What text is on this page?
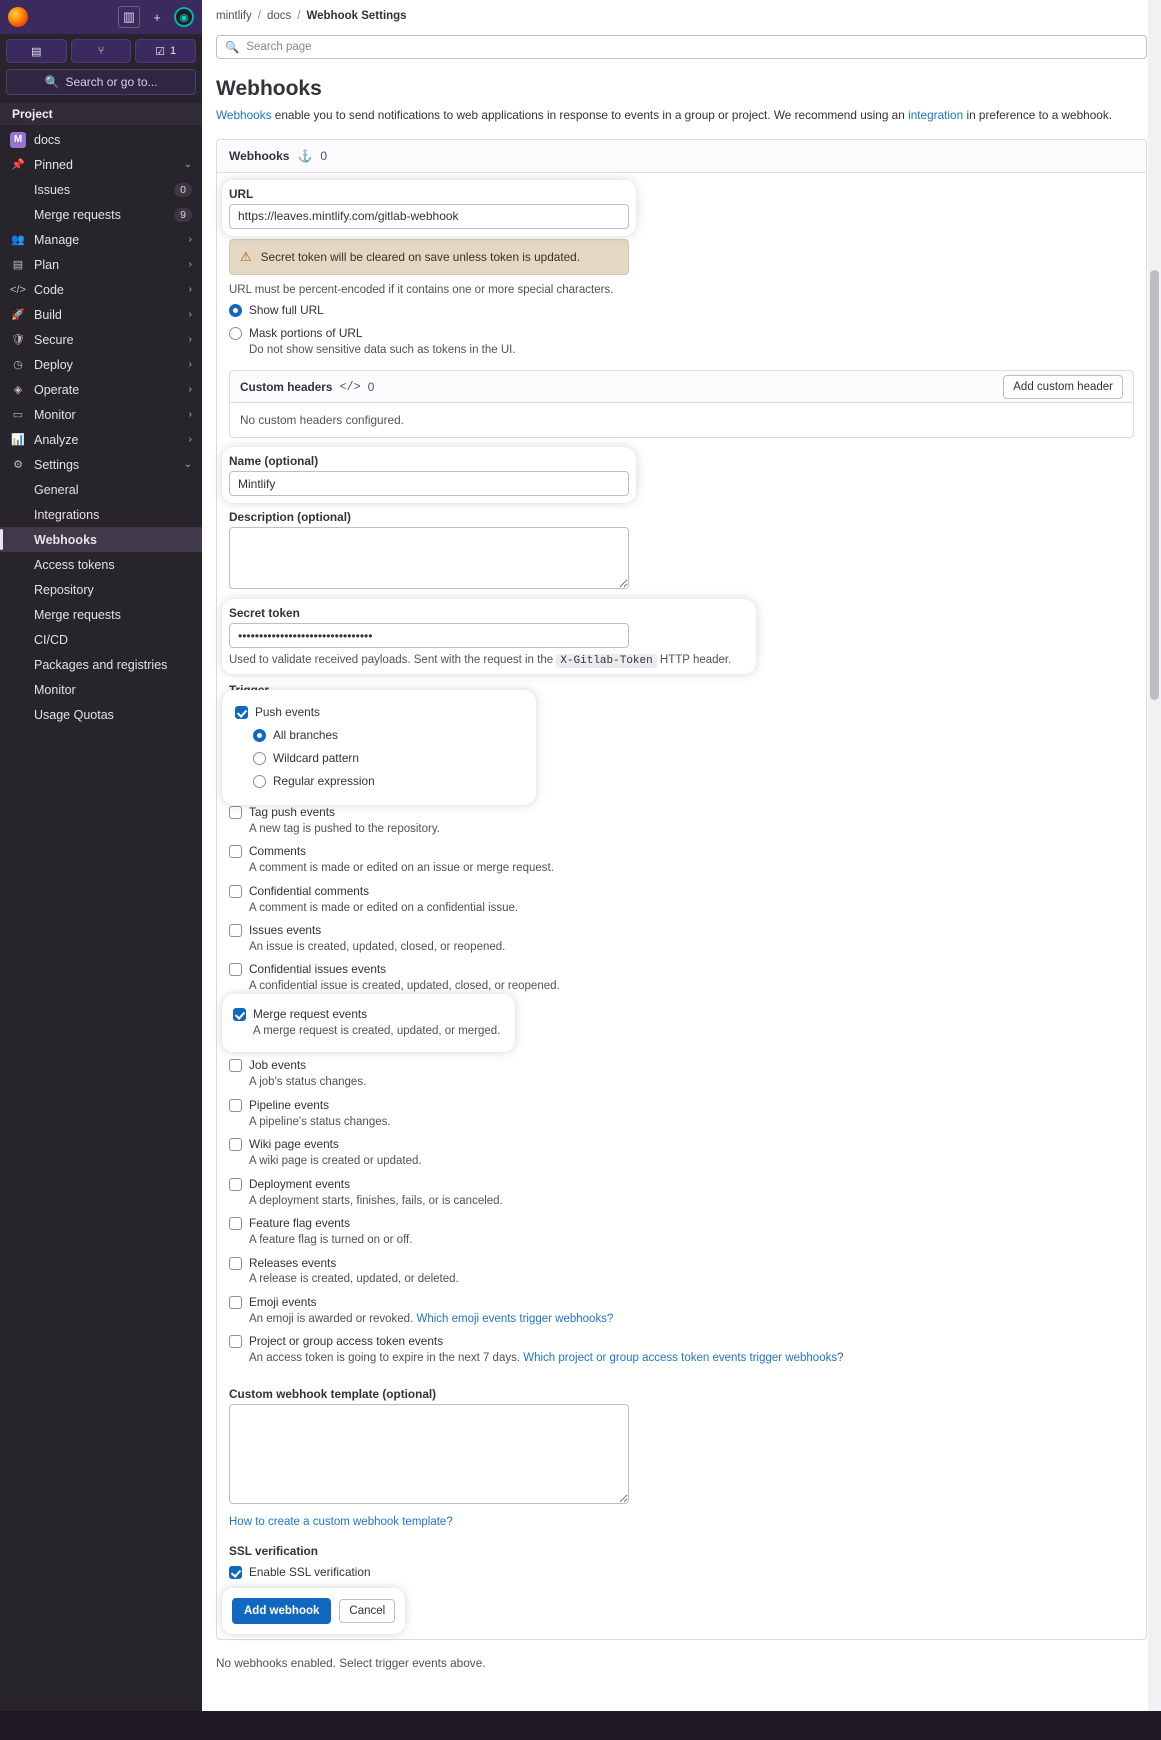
▥	+	◉
▤	⑂	☑ 1
🔍 Search or go to...
Project
M docs
📌 Pinned	⌄
Issues	0
Merge requests	9
👥 Manage	›
▤ Plan	›
</> Code	›
🚀 Build	›
🛡 Secure	›
◷ Deploy	›
◈ Operate	›
▭ Monitor	›
📊 Analyze	›
⚙ Settings	⌄
General
Integrations
Webhooks
Access tokens
Repository
Merge requests
CI/CD
Packages and registries
Monitor
Usage Quotas
mintlify / docs / Webhook Settings
🔍 Search page
Webhooks
Webhooks enable you to send notifications to web applications in response to events in a group or project. We recommend using an integration in preference to a webhook.
Webhooks ⚓ 0
URL
https://leaves.mintlify.com/gitlab-webhook
⚠ Secret token will be cleared on save unless token is updated.
URL must be percent-encoded if it contains one or more special characters.
Show full URL
Mask portions of URL
Do not show sensitive data such as tokens in the UI.
Custom headers </> 0	Add custom header
No custom headers configured.
Name (optional)
Mintlify
Description (optional)
Secret token
••••••••••••••••••••••••••••••••
Used to validate received payloads. Sent with the request in the X-Gitlab-Token HTTP header.
Trigger
Push events
All branches
Wildcard pattern
Regular expression
Tag push events
A new tag is pushed to the repository.
Comments
A comment is made or edited on an issue or merge request.
Confidential comments
A comment is made or edited on a confidential issue.
Issues events
An issue is created, updated, closed, or reopened.
Confidential issues events
A confidential issue is created, updated, closed, or reopened.
Merge request events
A merge request is created, updated, or merged.
Job events
A job's status changes.
Pipeline events
A pipeline's status changes.
Wiki page events
A wiki page is created or updated.
Deployment events
A deployment starts, finishes, fails, or is canceled.
Feature flag events
A feature flag is turned on or off.
Releases events
A release is created, updated, or deleted.
Emoji events
An emoji is awarded or revoked. Which emoji events trigger webhooks?
Project or group access token events
An access token is going to expire in the next 7 days. Which project or group access token events trigger webhooks?
Custom webhook template (optional)
How to create a custom webhook template?
SSL verification
Enable SSL verification
Add webhook	Cancel
No webhooks enabled. Select trigger events above.
